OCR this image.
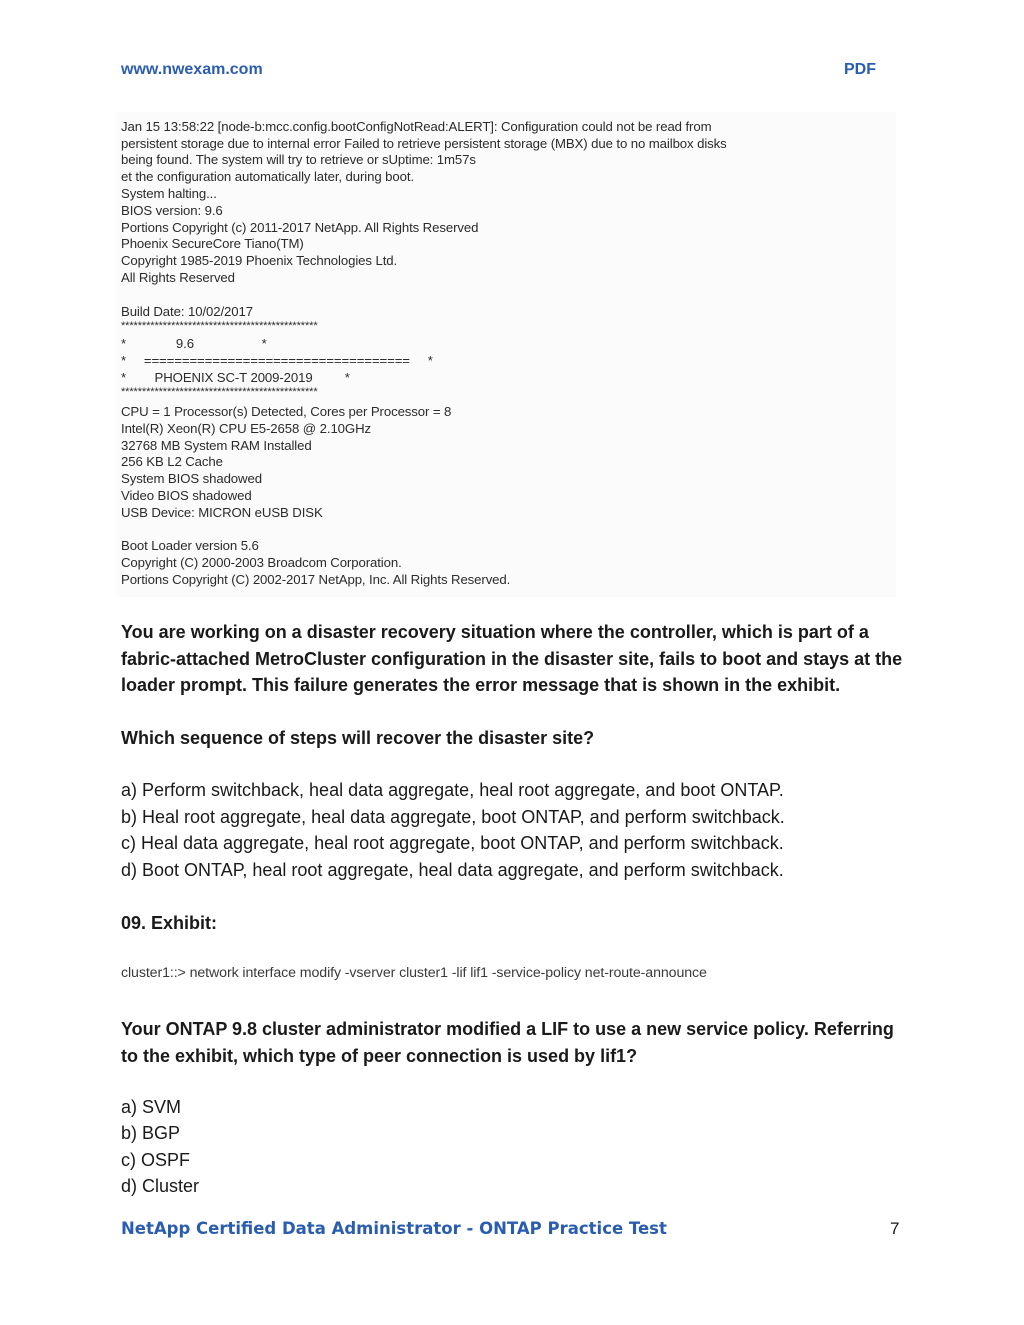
www.nwexam.com	PDF
Jan 15 13:58:22 [node-b:mcc.config.bootConfigNotRead:ALERT]: Configuration could not be read from
persistent storage due to internal error Failed to retrieve persistent storage (MBX) due to no mailbox disks
being found. The system will try to retrieve or sUptime: 1m57s
et the configuration automatically later, during boot.
System halting...
BIOS version: 9.6
Portions Copyright (c) 2011-2017 NetApp. All Rights Reserved
Phoenix SecureCore Tiano(TM)
Copyright 1985-2019 Phoenix Technologies Ltd.
All Rights Reserved
Build Date: 10/02/2017
***********************************************
*              9.6                   *
*     ===================================     *
*        PHOENIX SC-T 2009-2019         *
***********************************************
CPU = 1 Processor(s) Detected, Cores per Processor = 8
Intel(R) Xeon(R) CPU E5-2658 @ 2.10GHz
32768 MB System RAM Installed
256 KB L2 Cache
System BIOS shadowed
Video BIOS shadowed
USB Device: MICRON eUSB DISK
Boot Loader version 5.6
Copyright (C) 2000-2003 Broadcom Corporation.
Portions Copyright (C) 2002-2017 NetApp, Inc. All Rights Reserved.
You are working on a disaster recovery situation where the controller, which is part of a fabric-attached MetroCluster configuration in the disaster site, fails to boot and stays at the loader prompt. This failure generates the error message that is shown in the exhibit.
Which sequence of steps will recover the disaster site?
a) Perform switchback, heal data aggregate, heal root aggregate, and boot ONTAP.
b) Heal root aggregate, heal data aggregate, boot ONTAP, and perform switchback.
c) Heal data aggregate, heal root aggregate, boot ONTAP, and perform switchback.
d) Boot ONTAP, heal root aggregate, heal data aggregate, and perform switchback.
09. Exhibit:
cluster1::> network interface modify -vserver cluster1 -lif lif1 -service-policy net-route-announce
Your ONTAP 9.8 cluster administrator modified a LIF to use a new service policy. Referring to the exhibit, which type of peer connection is used by lif1?
a) SVM
b) BGP
c) OSPF
d) Cluster
NetApp Certified Data Administrator - ONTAP Practice Test	7
